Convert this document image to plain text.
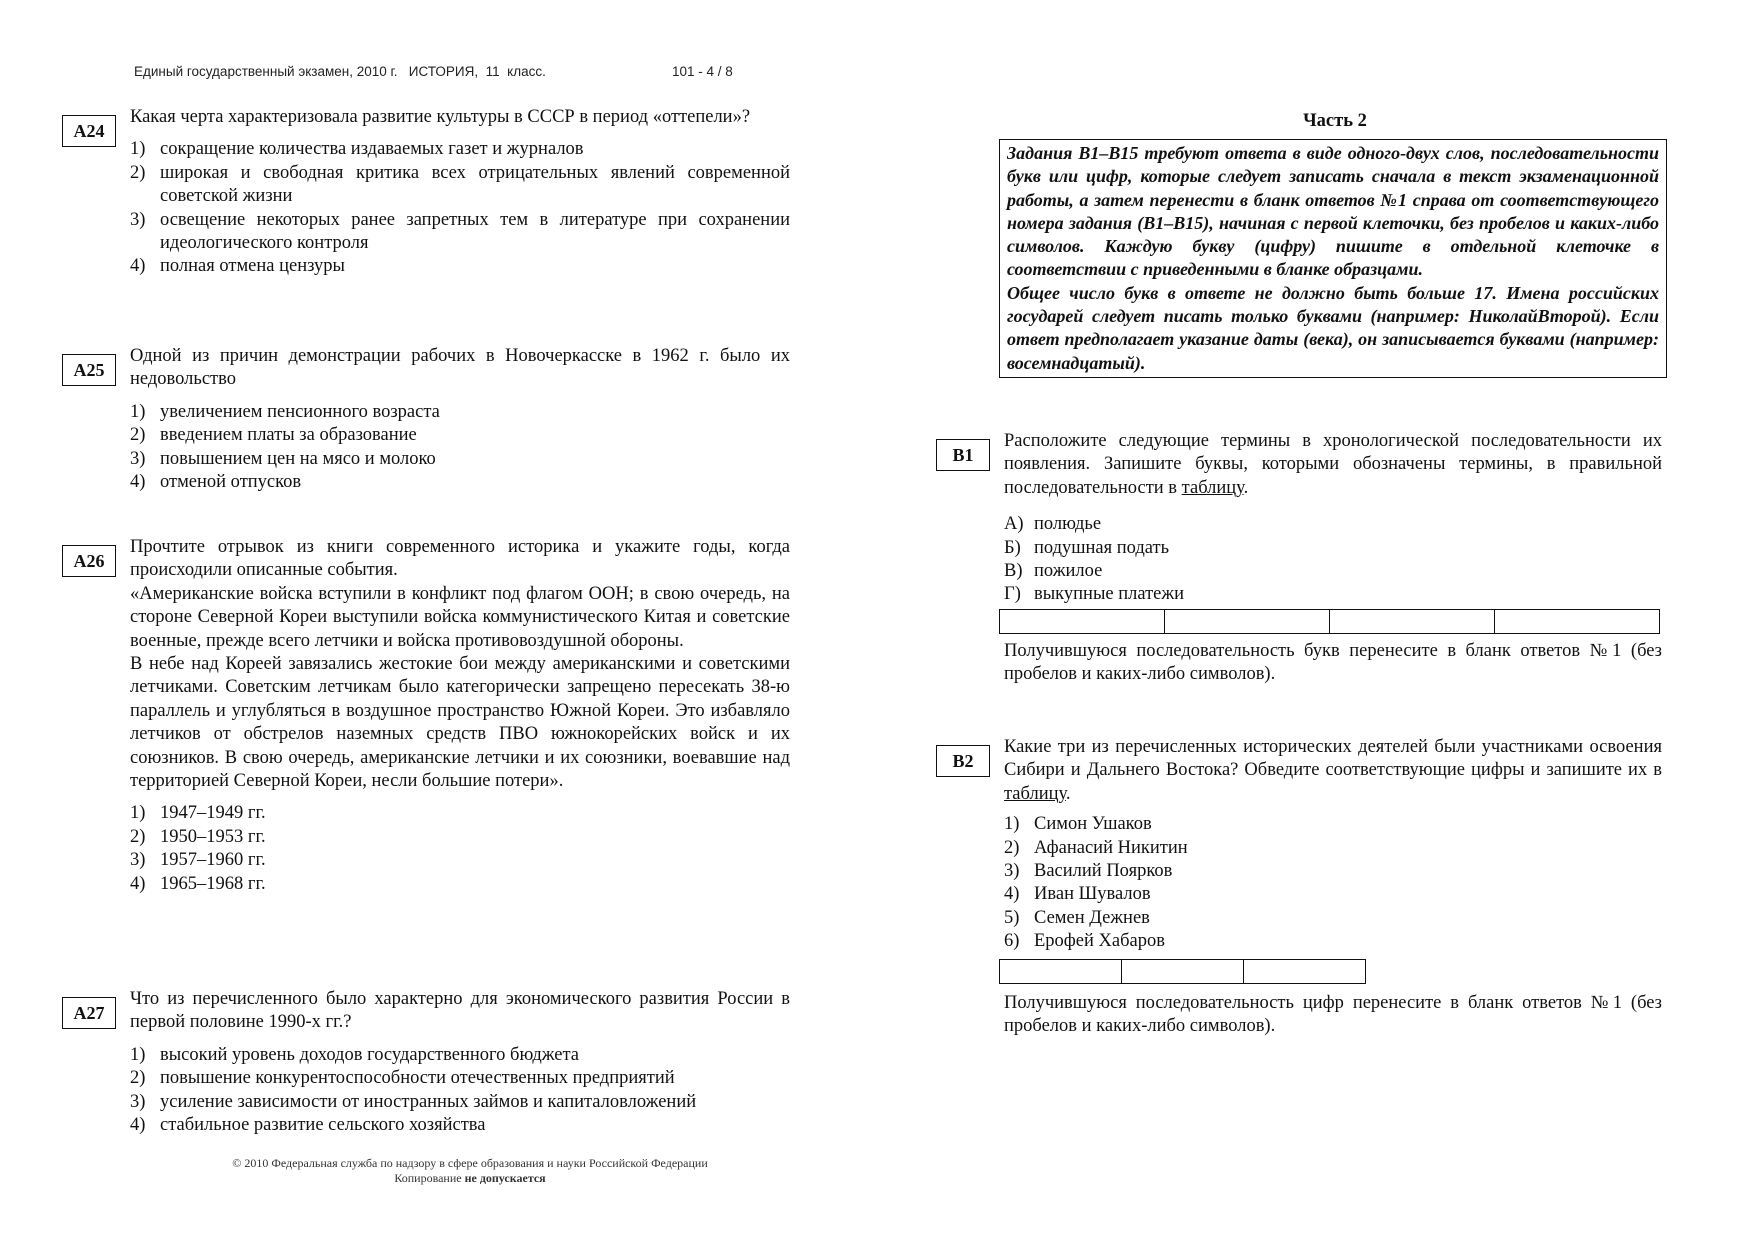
Единый государственный экзамен, 2010 г.   ИСТОРИЯ,  11  класс.	101 - 4 / 8
А24
Какая черта характеризовала развитие культуры в СССР в период «оттепели»?
1) сокращение количества издаваемых газет и журналов
2) широкая и свободная критика всех отрицательных явлений современной советской жизни
3) освещение некоторых ранее запретных тем в литературе при сохранении идеологического контроля
4) полная отмена цензуры
А25
Одной из причин демонстрации рабочих в Новочеркасске в 1962 г. было их недовольство
1) увеличением пенсионного возраста
2) введением платы за образование
3) повышением цен на мясо и молоко
4) отменой отпусков
А26
Прочтите отрывок из книги современного историка и укажите годы, когда происходили описанные события.
«Американские войска вступили в конфликт под флагом ООН; в свою очередь, на стороне Северной Кореи выступили войска коммунистического Китая и советские военные, прежде всего летчики и войска противовоздушной обороны.
В небе над Кореей завязались жестокие бои между американскими и советскими летчиками. Советским летчикам было категорически запрещено пересекать 38-ю параллель и углубляться в воздушное пространство Южной Кореи. Это избавляло летчиков от обстрелов наземных средств ПВО южнокорейских войск и их союзников. В свою очередь, американские летчики и их союзники, воевавшие над территорией Северной Кореи, несли большие потери».
1) 1947–1949 гг.
2) 1950–1953 гг.
3) 1957–1960 гг.
4) 1965–1968 гг.
А27
Что из перечисленного было характерно для экономического развития России в первой половине 1990-х гг.?
1) высокий уровень доходов государственного бюджета
2) повышение конкурентоспособности отечественных предприятий
3) усиление зависимости от иностранных займов и капиталовложений
4) стабильное развитие сельского хозяйства
Часть 2
Задания В1–В15 требуют ответа в виде одного-двух слов, последовательности букв или цифр, которые следует записать сначала в текст экзаменационной работы, а затем перенести в бланк ответов №1 справа от соответствующего номера задания (В1–В15), начиная с первой клеточки, без пробелов и каких-либо символов. Каждую букву (цифру) пишите в отдельной клеточке в соответствии с приведенными в бланке образцами.
Общее число букв в ответе не должно быть больше 17. Имена российских государей следует писать только буквами (например: НиколайВторой). Если ответ предполагает указание даты (века), он записывается буквами (например: восемнадцатый).
В1
Расположите следующие термины в хронологической последовательности их появления. Запишите буквы, которыми обозначены термины, в правильной последовательности в таблицу.
А) полюдье
Б) подушная подать
В) пожилое
Г) выкупные платежи
Получившуюся последовательность букв перенесите в бланк ответов №1 (без пробелов и каких-либо символов).
В2
Какие три из перечисленных исторических деятелей были участниками освоения Сибири и Дальнего Востока? Обведите соответствующие цифры и запишите их в таблицу.
1) Симон Ушаков
2) Афанасий Никитин
3) Василий Поярков
4) Иван Шувалов
5) Семен Дежнев
6) Ерофей Хабаров
Получившуюся последовательность цифр перенесите в бланк ответов №1 (без пробелов и каких-либо символов).
© 2010 Федеральная служба по надзору в сфере образования и науки Российской Федерации
Копирование не допускается
